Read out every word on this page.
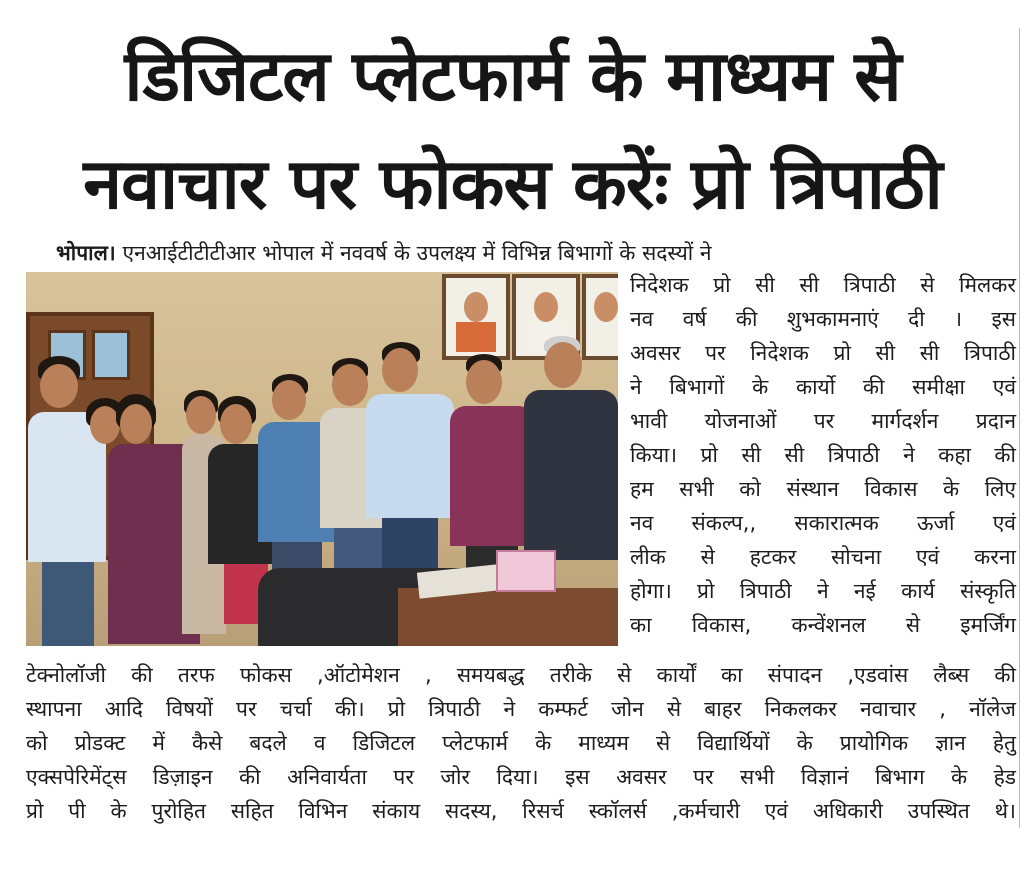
डिजिटल प्लेटफार्म के माध्यम से
नवाचार पर फोकस करेंः प्रो त्रिपाठी
भोपाल। एनआईटीटीटीआर भोपाल में नववर्ष के उपलक्ष्य में विभिन्न बिभागों के सदस्यों ने
निदेशक प्रो सी सी त्रिपाठी से मिलकर
नव वर्ष की शुभकामनाएं दी । इस
अवसर पर निदेशक प्रो सी सी त्रिपाठी
ने बिभागों के कार्यो की समीक्षा एवं
भावी योजनाओं पर मार्गदर्शन प्रदान
किया। प्रो सी सी त्रिपाठी ने कहा की
हम सभी को संस्थान विकास के लिए
नव संकल्प,, सकारात्मक ऊर्जा एवं
लीक से हटकर सोचना एवं करना
होगा। प्रो त्रिपाठी ने नई कार्य संस्कृति
का विकास, कन्वेंशनल से इमर्जिंग
टेक्नोलॉजी की तरफ फोकस ,ऑटोमेशन , समयबद्ध तरीके से कार्यों का संपादन ,एडवांस लैब्स की
स्थापना आदि विषयों पर चर्चा की। प्रो त्रिपाठी ने कम्फर्ट जोन से बाहर निकलकर नवाचार , नॉलेज
को प्रोडक्ट में कैसे बदले व डिजिटल प्लेटफार्म के माध्यम से विद्यार्थियों के प्रायोगिक ज्ञान हेतु
एक्सपेरिमेंट्स डिज़ाइन की अनिवार्यता पर जोर दिया। इस अवसर पर सभी विज्ञानं बिभाग के हेड
प्रो पी के पुरोहित सहित विभिन संकाय सदस्य, रिसर्च स्कॉलर्स ,कर्मचारी एवं अधिकारी उपस्थित थे।
